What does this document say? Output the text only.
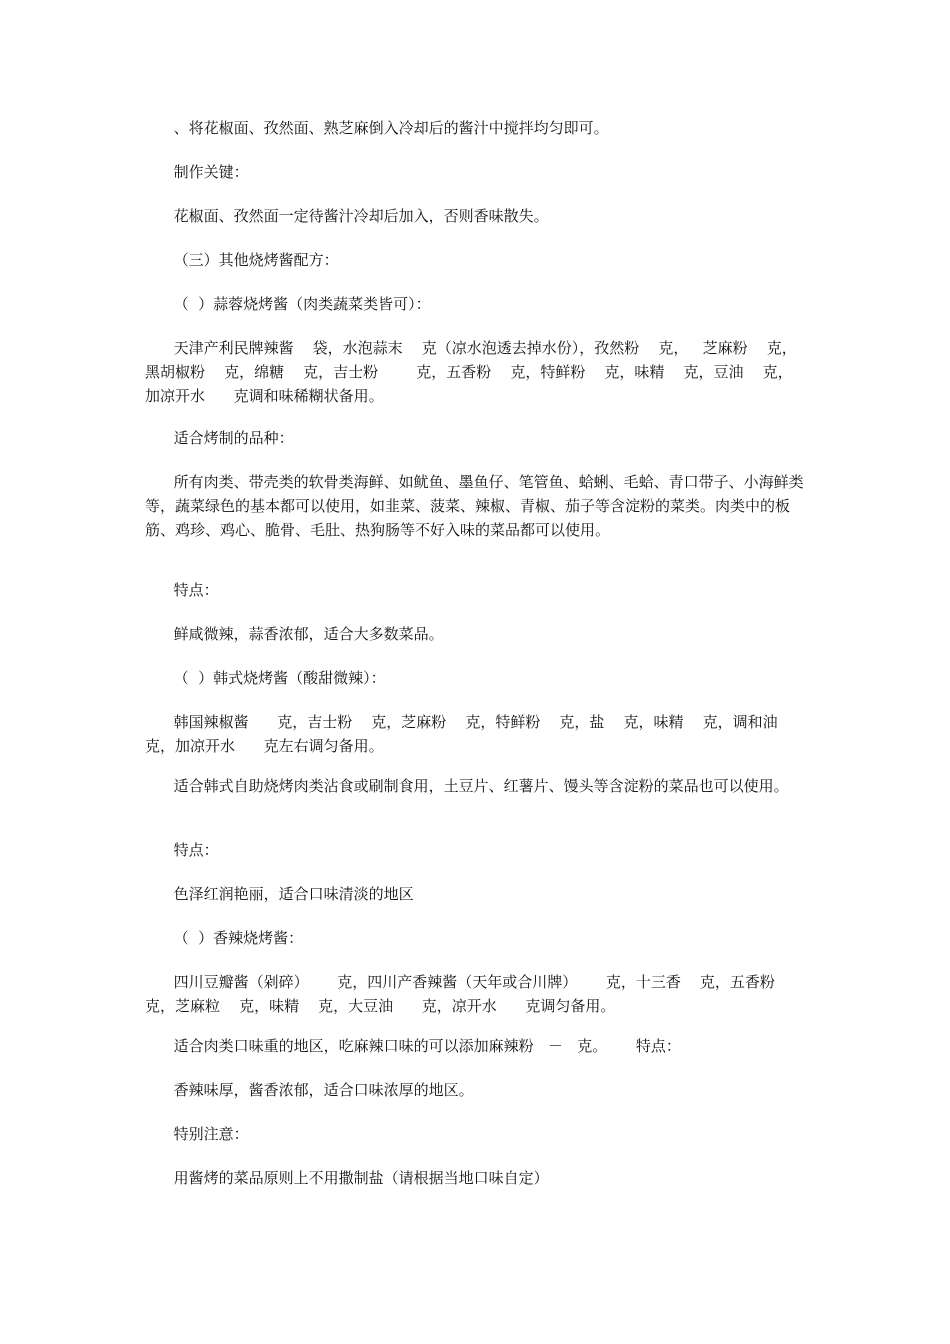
、将花椒面、孜然面、熟芝麻倒入冷却后的酱汁中搅拌均匀即可。

制作关键：

花椒面、孜然面一定待酱汁冷却后加入，否则香味散失。

（三）其他烧烤酱配方：

（  ）蒜蓉烧烤酱（肉类蔬菜类皆可）：

天津产利民牌辣酱    袋，水泡蒜末    克（凉水泡透去掉水份），孜然粉    克，   芝麻粉    克，黑胡椒粉    克，绵糖    克，吉士粉        克，五香粉    克，特鲜粉    克，味精    克，豆油    克，加凉开水      克调和味稀糊状备用。

适合烤制的品种：

所有肉类、带壳类的软骨类海鲜、如鱿鱼、墨鱼仔、笔管鱼、蛤蜊、毛蛤、青口带子、小海鲜类等，蔬菜绿色的基本都可以使用，如韭菜、菠菜、辣椒、青椒、茄子等含淀粉的菜类。肉类中的板筋、鸡珍、鸡心、脆骨、毛肚、热狗肠等不好入味的菜品都可以使用。

特点：

鲜咸微辣，蒜香浓郁，适合大多数菜品。

（  ）韩式烧烤酱（酸甜微辣）：

韩国辣椒酱      克，吉士粉    克，芝麻粉    克，特鲜粉    克，盐    克，味精    克，调和油    克，加凉开水      克左右调匀备用。

适合韩式自助烧烤肉类沾食或刷制食用，土豆片、红薯片、馒头等含淀粉的菜品也可以使用。

特点：

色泽红润艳丽，适合口味清淡的地区

（  ）香辣烧烤酱：

四川豆瓣酱（剁碎）      克，四川产香辣酱（天年或合川牌）      克，十三香    克，五香粉    克，芝麻粒    克，味精    克，大豆油      克，凉开水      克调匀备用。

适合肉类口味重的地区，吃麻辣口味的可以添加麻辣粉   －   克。      特点：

香辣味厚，酱香浓郁，适合口味浓厚的地区。

特别注意：

用酱烤的菜品原则上不用撒制盐（请根据当地口味自定）
